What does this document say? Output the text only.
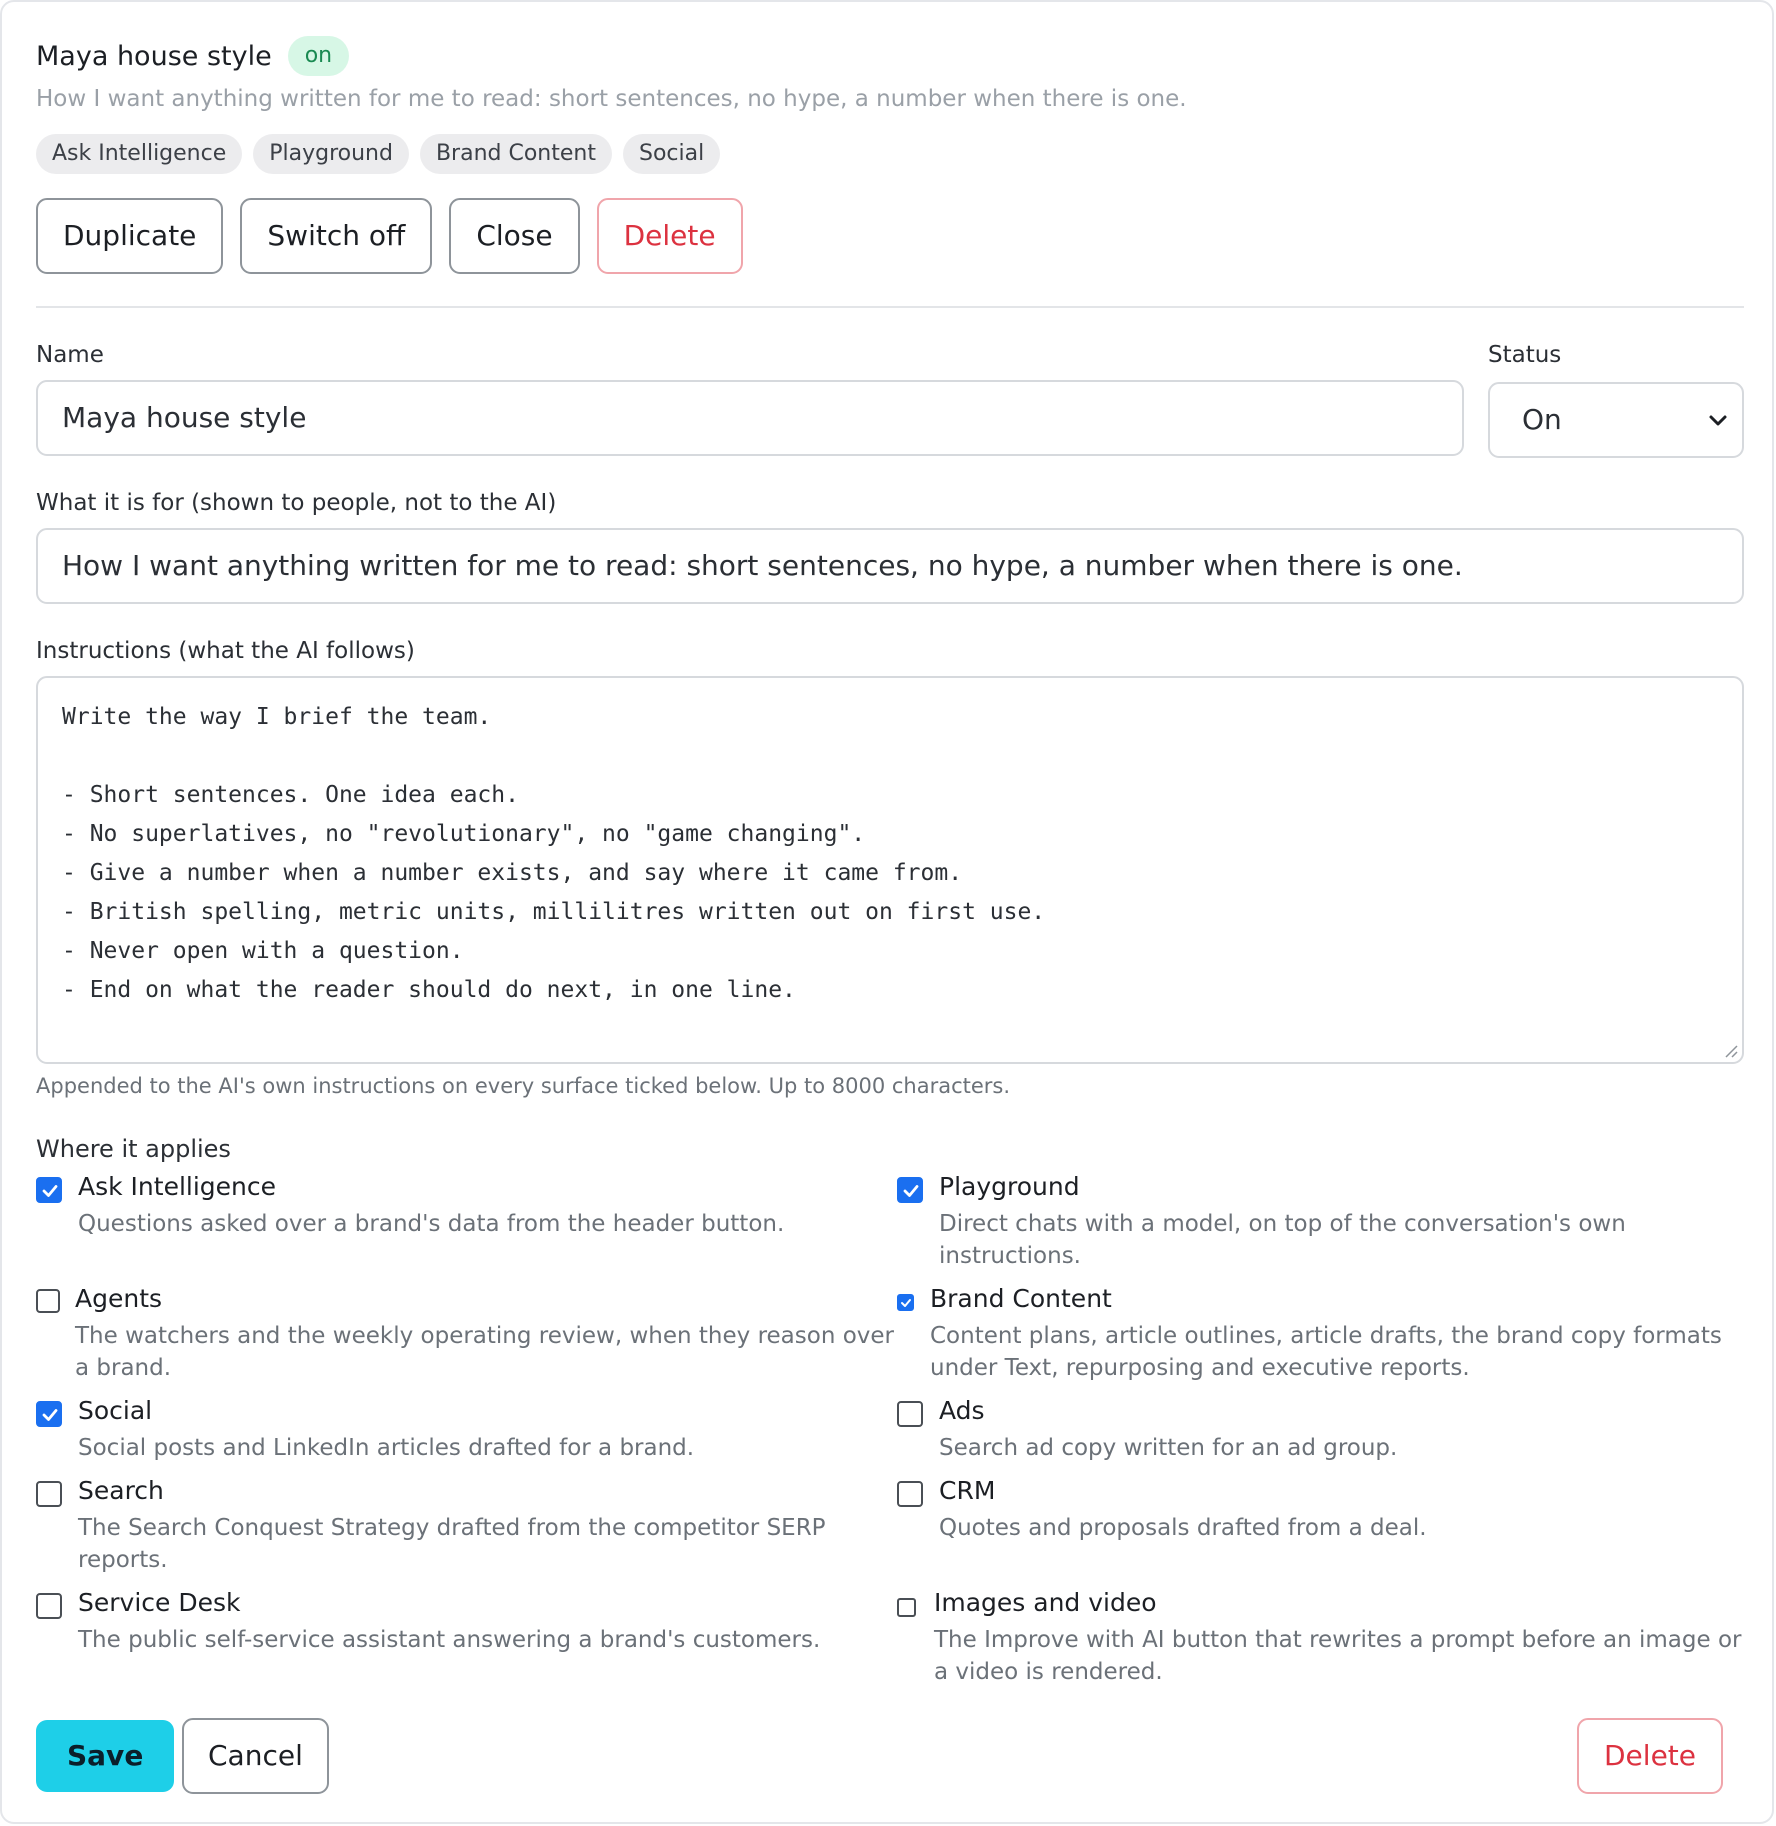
Maya house style	on
How I want anything written for me to read: short sentences, no hype, a number when there is one.
Ask Intelligence	Playground	Brand Content	Social
Duplicate	Switch off	Close	Delete
Name
Maya house style
Status
On
What it is for (shown to people, not to the AI)
How I want anything written for me to read: short sentences, no hype, a number when there is one.
Instructions (what the AI follows)
Write the way I brief the team.

- Short sentences. One idea each.
- No superlatives, no "revolutionary", no "game changing".
- Give a number when a number exists, and say where it came from.
- British spelling, metric units, millilitres written out on first use.
- Never open with a question.
- End on what the reader should do next, in one line.
Appended to the AI's own instructions on every surface ticked below. Up to 8000 characters.
Where it applies
Ask Intelligence
Questions asked over a brand's data from the header button.
Playground
Direct chats with a model, on top of the conversation's own instructions.
Agents
The watchers and the weekly operating review, when they reason over a brand.
Brand Content
Content plans, article outlines, article drafts, the brand copy formats under Text, repurposing and executive reports.
Social
Social posts and LinkedIn articles drafted for a brand.
Ads
Search ad copy written for an ad group.
Search
The Search Conquest Strategy drafted from the competitor SERP reports.
CRM
Quotes and proposals drafted from a deal.
Service Desk
The public self-service assistant answering a brand's customers.
Images and video
The Improve with AI button that rewrites a prompt before an image or a video is rendered.
Save	Cancel	Delete
